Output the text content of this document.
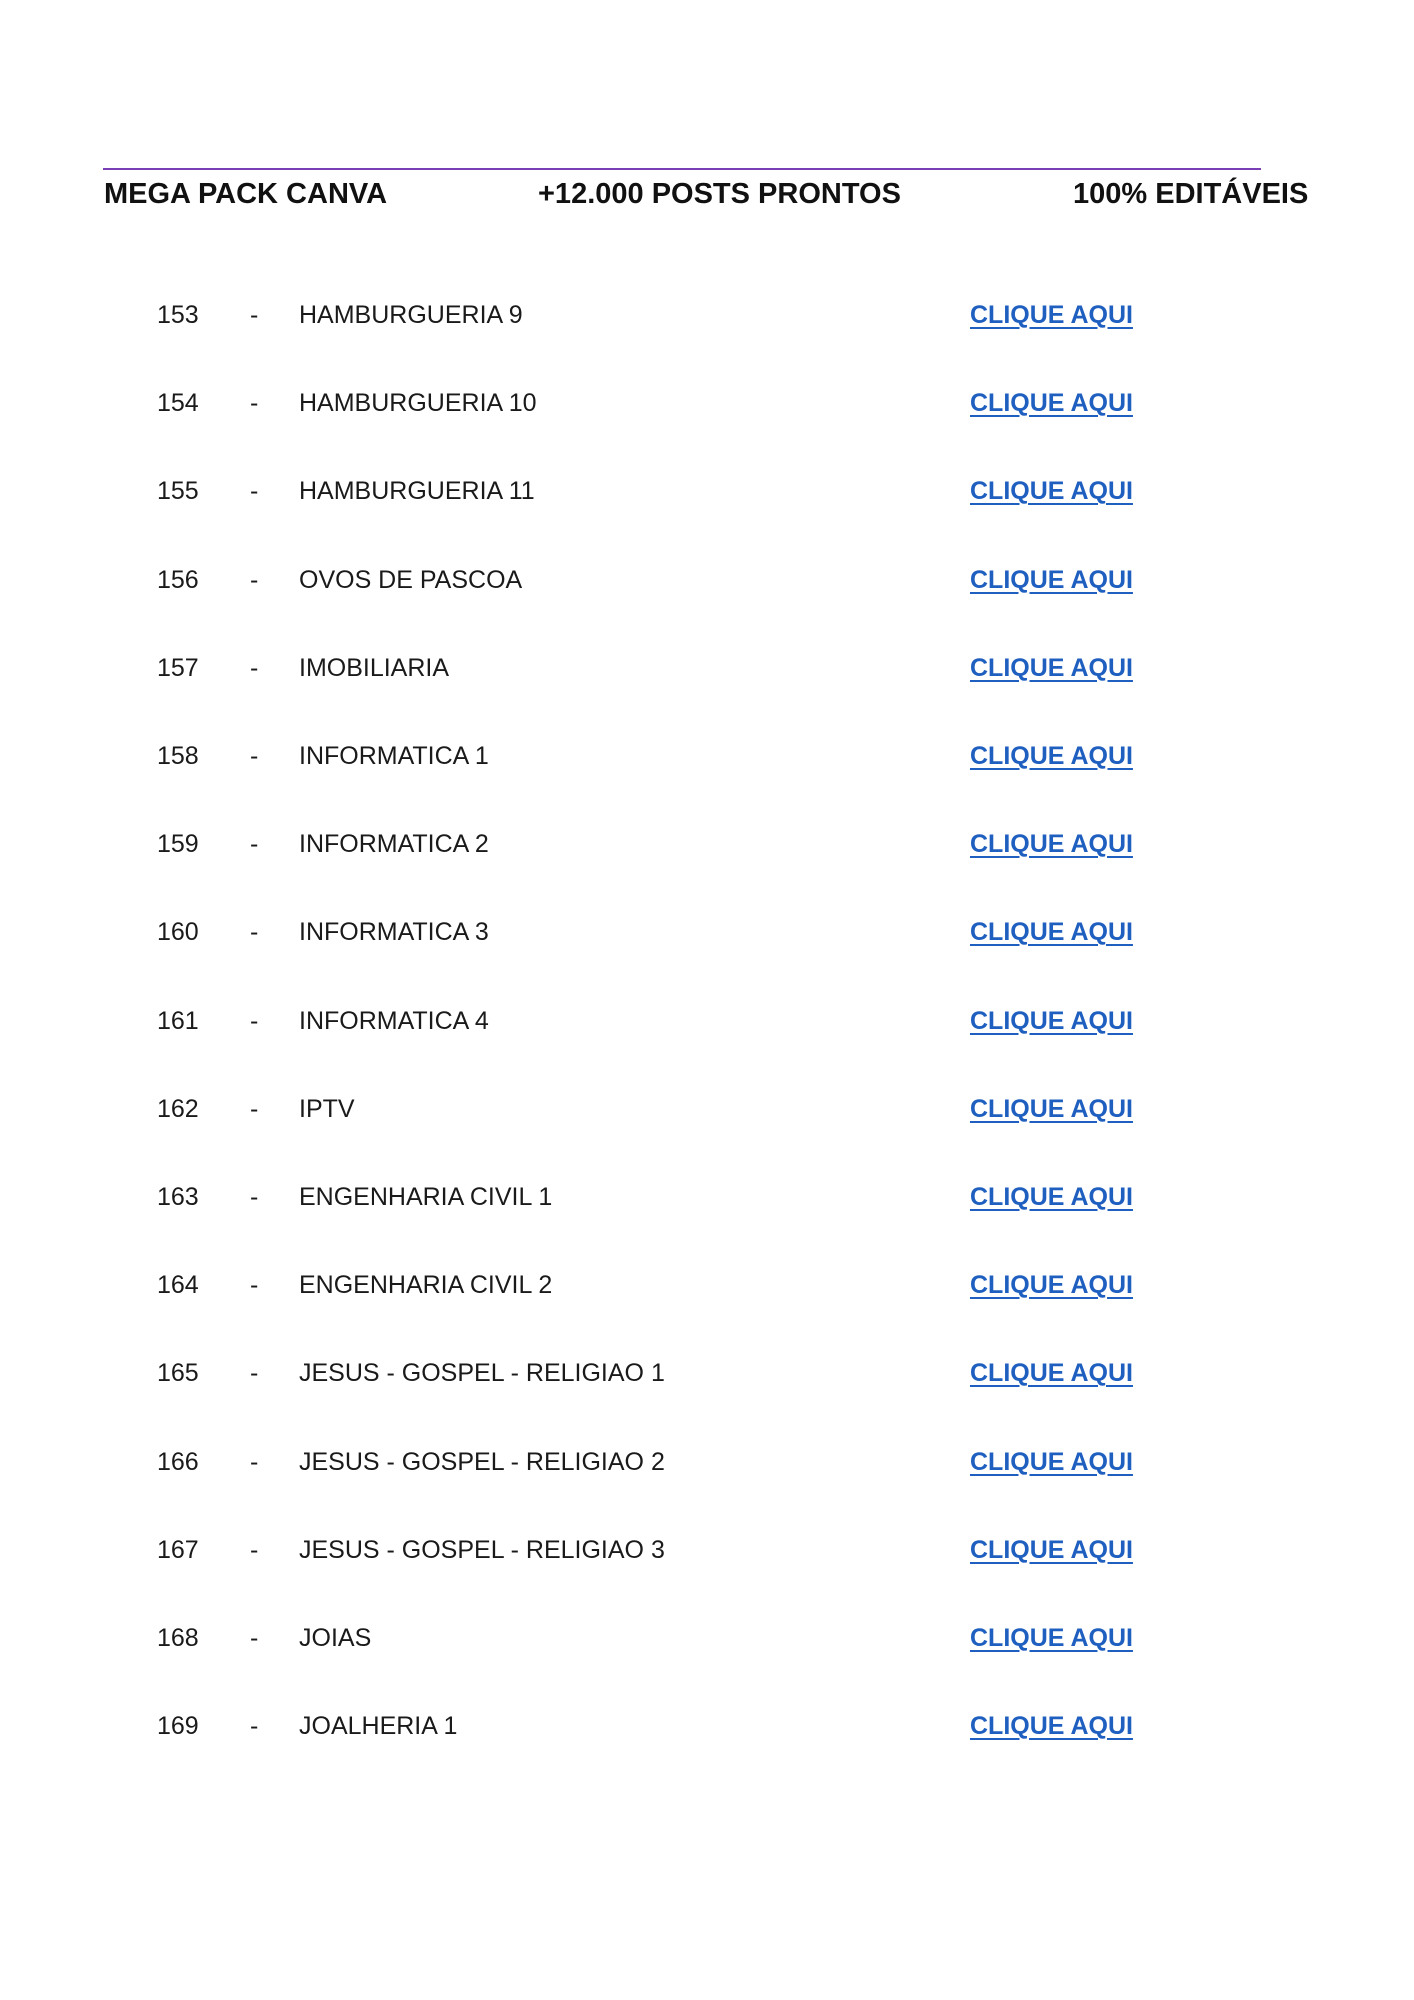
MEGA PACK CANVA	+12.000 POSTS PRONTOS	100% EDITÁVEIS
153 - HAMBURGUERIA 9	CLIQUE AQUI
154 - HAMBURGUERIA 10	CLIQUE AQUI
155 - HAMBURGUERIA 11	CLIQUE AQUI
156 - OVOS DE PASCOA	CLIQUE AQUI
157 - IMOBILIARIA	CLIQUE AQUI
158 - INFORMATICA 1	CLIQUE AQUI
159 - INFORMATICA 2	CLIQUE AQUI
160 - INFORMATICA 3	CLIQUE AQUI
161 - INFORMATICA 4	CLIQUE AQUI
162 - IPTV	CLIQUE AQUI
163 - ENGENHARIA CIVIL 1	CLIQUE AQUI
164 - ENGENHARIA CIVIL 2	CLIQUE AQUI
165 - JESUS - GOSPEL - RELIGIAO 1	CLIQUE AQUI
166 - JESUS - GOSPEL - RELIGIAO 2	CLIQUE AQUI
167 - JESUS - GOSPEL - RELIGIAO 3	CLIQUE AQUI
168 - JOIAS	CLIQUE AQUI
169 - JOALHERIA 1	CLIQUE AQUI
